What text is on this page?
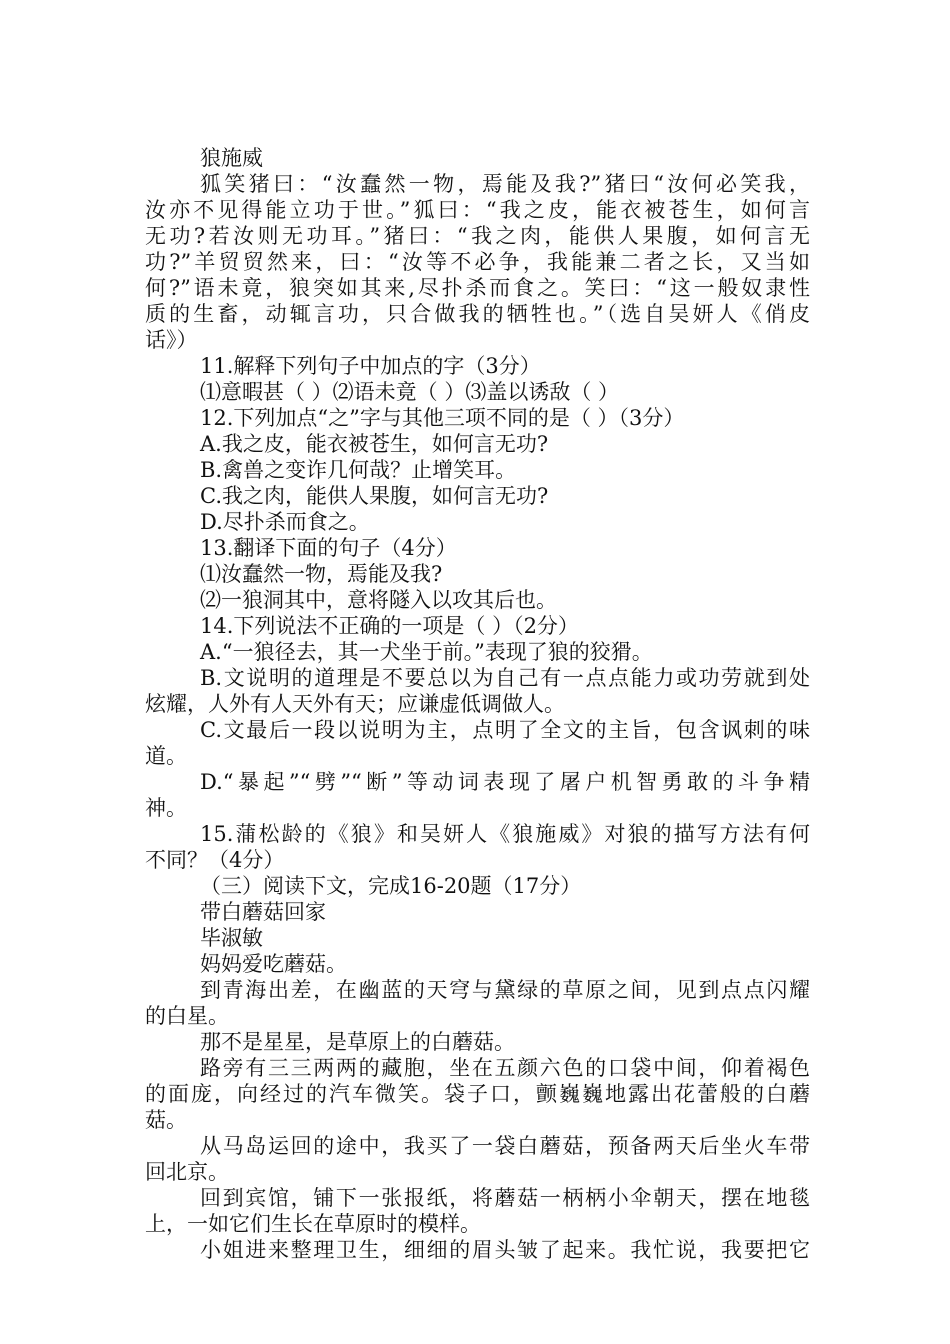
狼施威
狐笑猪曰：“汝蠢然一物，焉能及我?”猪曰“汝何必笑我，
汝亦不见得能立功于世。”狐曰：“我之皮，能衣被苍生，如何言
无功?若汝则无功耳。”猪曰：“我之肉，能供人果腹，如何言无
功?”羊贸贸然来，曰：“汝等不必争，我能兼二者之长，又当如
何?”语未竟，狼突如其来,尽扑杀而食之。笑曰：“这一般奴隶性
质的生畜，动辄言功，只合做我的牺牲也。”（选自吴妍人《俏皮
话》）
11.解释下列句子中加点的字（3分）
⑴意暇甚（ ）⑵语未竟（ ）⑶盖以诱敌（ ）
12.下列加点“之”字与其他三项不同的是（ ）（3分）
A.我之皮，能衣被苍生，如何言无功?
B.禽兽之变诈几何哉？止增笑耳。
C.我之肉，能供人果腹，如何言无功?
D.尽扑杀而食之。
13.翻译下面的句子（4分）
⑴汝蠢然一物，焉能及我?
⑵一狼洞其中，意将隧入以攻其后也。
14.下列说法不正确的一项是（ ）（2分）
A.“一狼径去，其一犬坐于前。”表现了狼的狡猾。
B.文说明的道理是不要总以为自己有一点点能力或功劳就到处
炫耀，人外有人天外有天；应谦虚低调做人。
C.文最后一段以说明为主，点明了全文的主旨，包含讽刺的味
道。
D.“暴起”“劈”“断”等动词表现了屠户机智勇敢的斗争精
神。
15.蒲松龄的《狼》和吴妍人《狼施威》对狼的描写方法有何
不同？（4分）
（三）阅读下文，完成16-20题（17分）
带白蘑菇回家
毕淑敏
妈妈爱吃蘑菇。
到青海出差，在幽蓝的天穹与黛绿的草原之间，见到点点闪耀
的白星。
那不是星星，是草原上的白蘑菇。
路旁有三三两两的藏胞，坐在五颜六色的口袋中间，仰着褐色
的面庞，向经过的汽车微笑。袋子口，颤巍巍地露出花蕾般的白蘑
菇。
从马岛运回的途中，我买了一袋白蘑菇，预备两天后坐火车带
回北京。
回到宾馆，铺下一张报纸，将蘑菇一柄柄小伞朝天，摆在地毯
上，一如它们生长在草原时的模样。
小姐进来整理卫生，细细的眉头皱了起来。我忙说，我要把它
